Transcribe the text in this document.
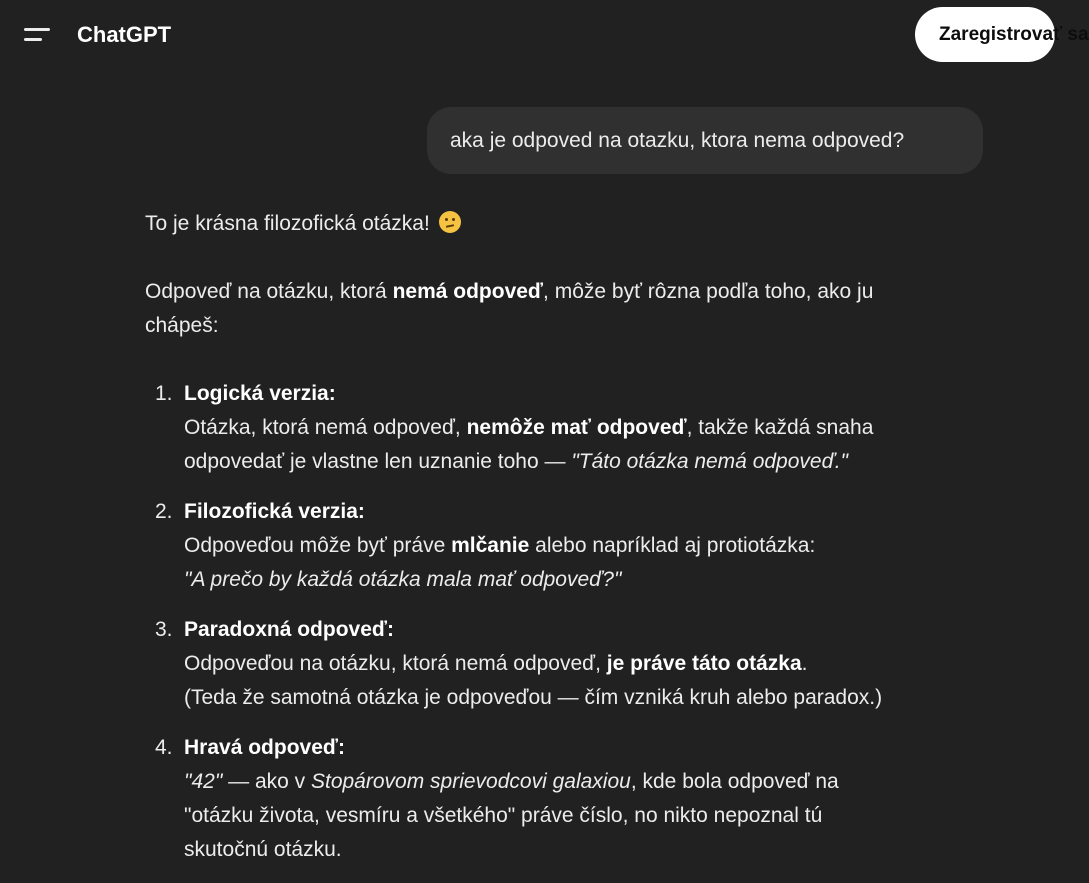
ChatGPT	Zaregistrovať sa
aka je odpoved na otazku, ktora nema odpoved?

To je krásna filozofická otázka!

Odpoveď na otázku, ktorá nemá odpoveď, môže byť rôzna podľa toho, ako ju
chápeš:

1. Logická verzia:
Otázka, ktorá nemá odpoveď, nemôže mať odpoveď, takže každá snaha
odpovedať je vlastne len uznanie toho — "Táto otázka nemá odpoveď."
2. Filozofická verzia:
Odpoveďou môže byť práve mlčanie alebo napríklad aj protiotázka:
"A prečo by každá otázka mala mať odpoveď?"
3. Paradoxná odpoveď:
Odpoveďou na otázku, ktorá nemá odpoveď, je práve táto otázka.
(Teda že samotná otázka je odpoveďou — čím vzniká kruh alebo paradox.)
4. Hravá odpoveď:
"42" — ako v Stopárovom sprievodcovi galaxiou, kde bola odpoveď na
"otázku života, vesmíru a všetkého" práve číslo, no nikto nepoznal tú
skutočnú otázku.
